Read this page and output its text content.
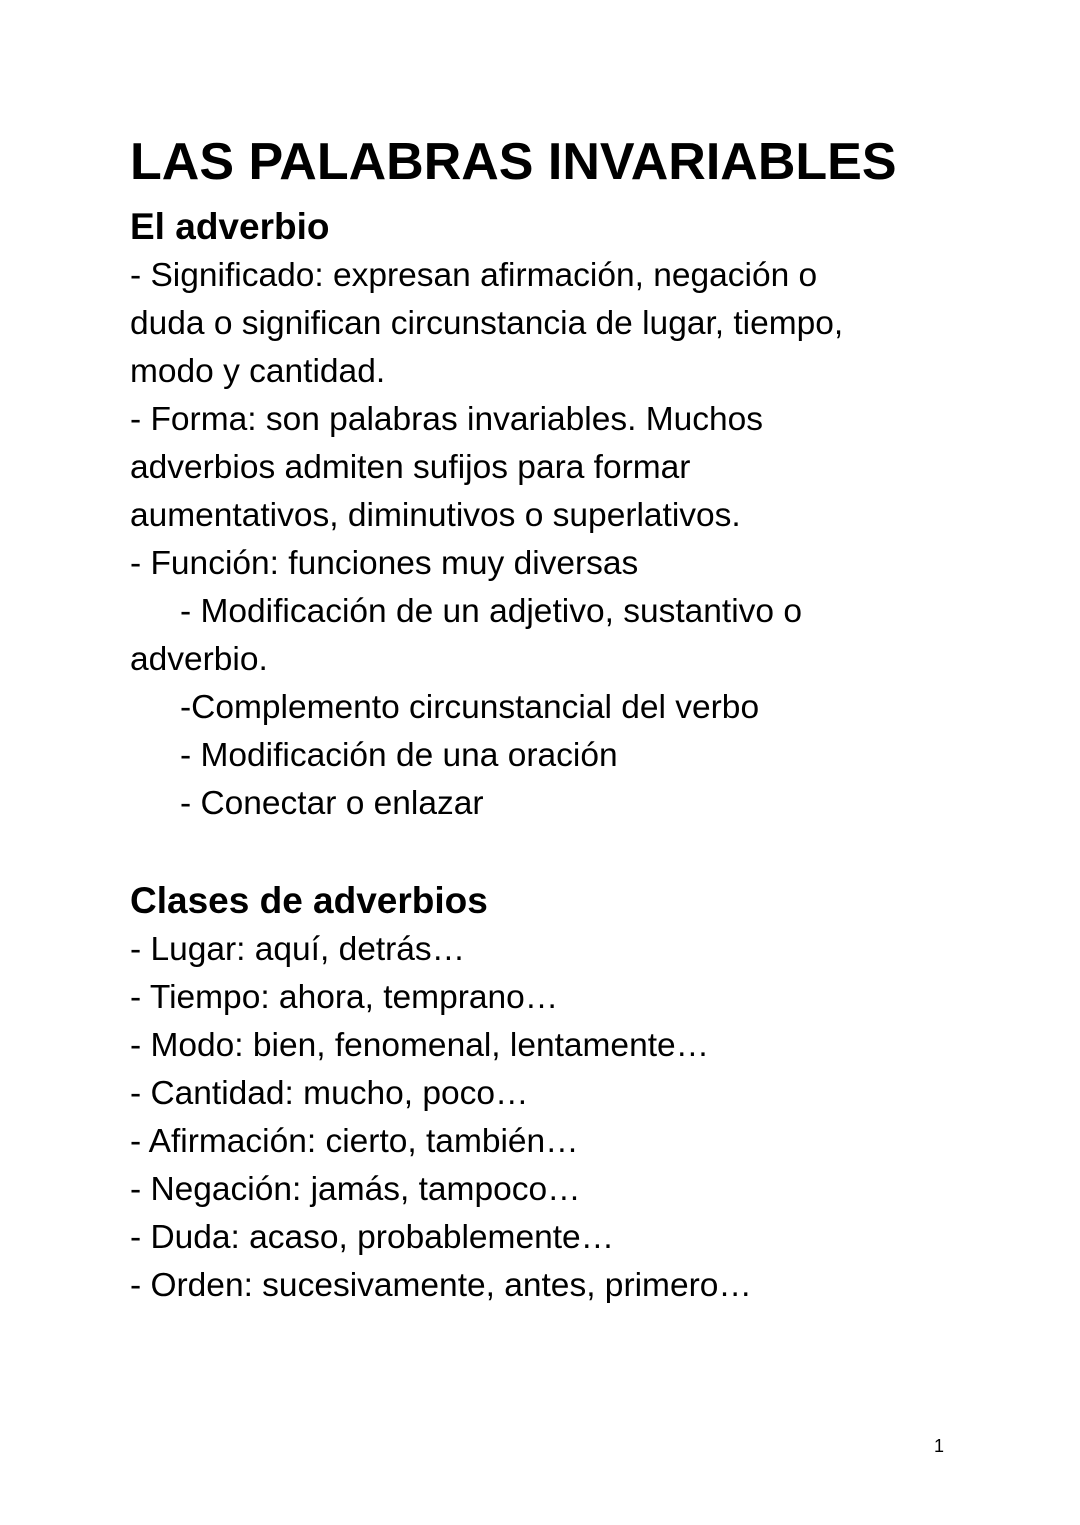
LAS PALABRAS INVARIABLES
El adverbio
- Significado: expresan afirmación, negación o
duda o significan circunstancia de lugar, tiempo,
modo y cantidad.
- Forma: son palabras invariables. Muchos
adverbios admiten sufijos para formar
aumentativos, diminutivos o superlativos.
- Función: funciones muy diversas
- Modificación de un adjetivo, sustantivo o
adverbio.
-Complemento circunstancial del verbo
- Modificación de una oración
- Conectar o enlazar
Clases de adverbios
- Lugar: aquí, detrás…
- Tiempo: ahora, temprano…
- Modo: bien, fenomenal, lentamente…
- Cantidad: mucho, poco…
- Afirmación: cierto, también…
- Negación: jamás, tampoco…
- Duda: acaso, probablemente…
- Orden: sucesivamente, antes, primero…
1
